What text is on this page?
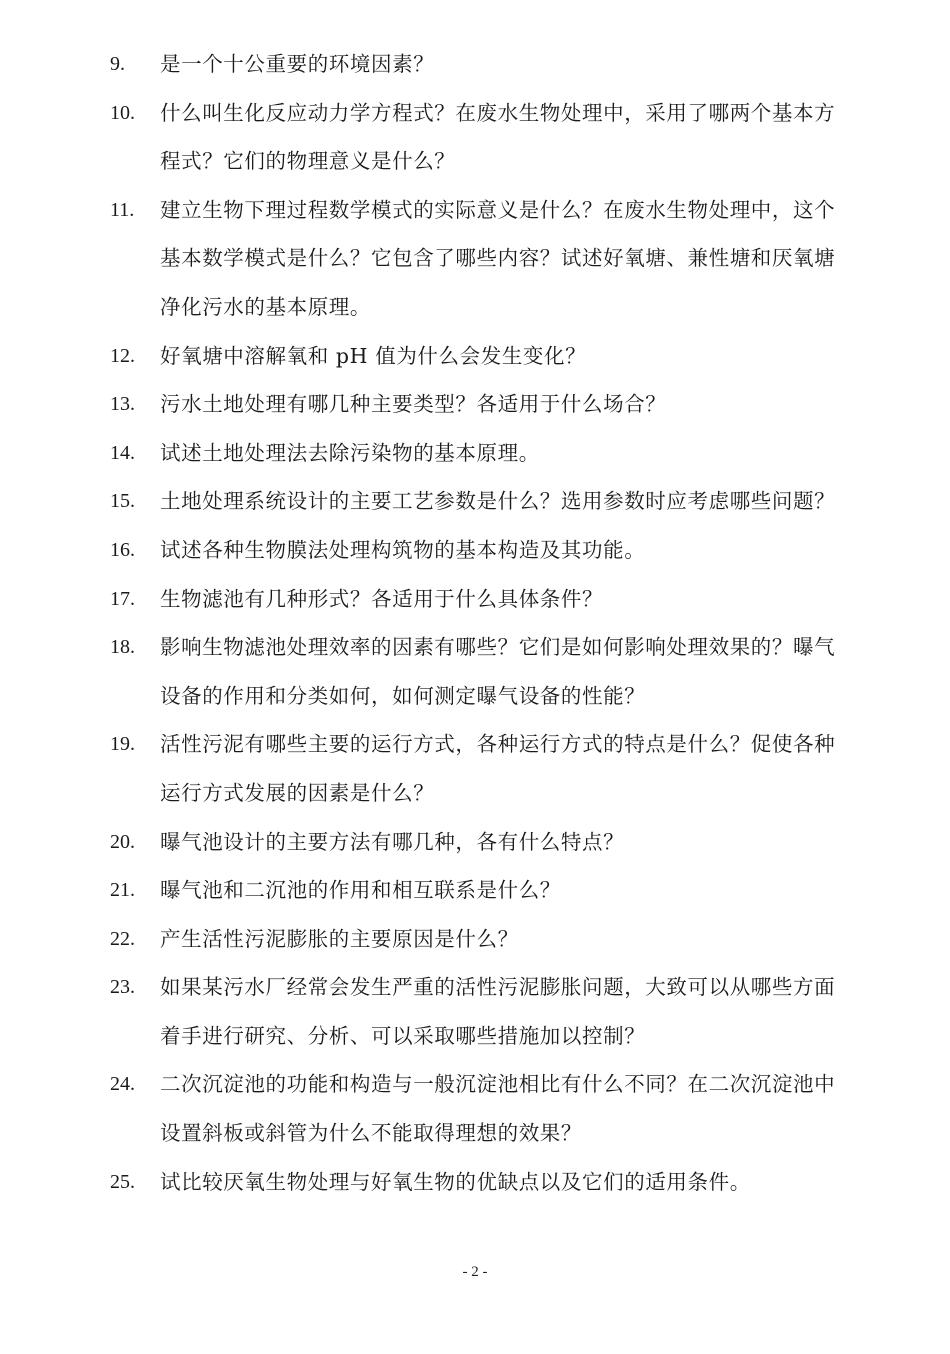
9. 是一个十公重要的环境因素？
10. 什么叫生化反应动力学方程式？在废水生物处理中，采用了哪两个基本方程式？它们的物理意义是什么？
11. 建立生物下理过程数学模式的实际意义是什么？在废水生物处理中，这个基本数学模式是什么？它包含了哪些内容？试述好氧塘、兼性塘和厌氧塘净化污水的基本原理。
12. 好氧塘中溶解氧和 pH 值为什么会发生变化？
13. 污水土地处理有哪几种主要类型？各适用于什么场合？
14. 试述土地处理法去除污染物的基本原理。
15. 土地处理系统设计的主要工艺参数是什么？选用参数时应考虑哪些问题？
16. 试述各种生物膜法处理构筑物的基本构造及其功能。
17. 生物滤池有几种形式？各适用于什么具体条件？
18. 影响生物滤池处理效率的因素有哪些？它们是如何影响处理效果的？曝气设备的作用和分类如何，如何测定曝气设备的性能？
19. 活性污泥有哪些主要的运行方式，各种运行方式的特点是什么？促使各种运行方式发展的因素是什么？
20. 曝气池设计的主要方法有哪几种，各有什么特点？
21. 曝气池和二沉池的作用和相互联系是什么？
22. 产生活性污泥膨胀的主要原因是什么？
23. 如果某污水厂经常会发生严重的活性污泥膨胀问题，大致可以从哪些方面着手进行研究、分析、可以采取哪些措施加以控制？
24. 二次沉淀池的功能和构造与一般沉淀池相比有什么不同？在二次沉淀池中设置斜板或斜管为什么不能取得理想的效果？
25. 试比较厌氧生物处理与好氧生物的优缺点以及它们的适用条件。
- 2 -
